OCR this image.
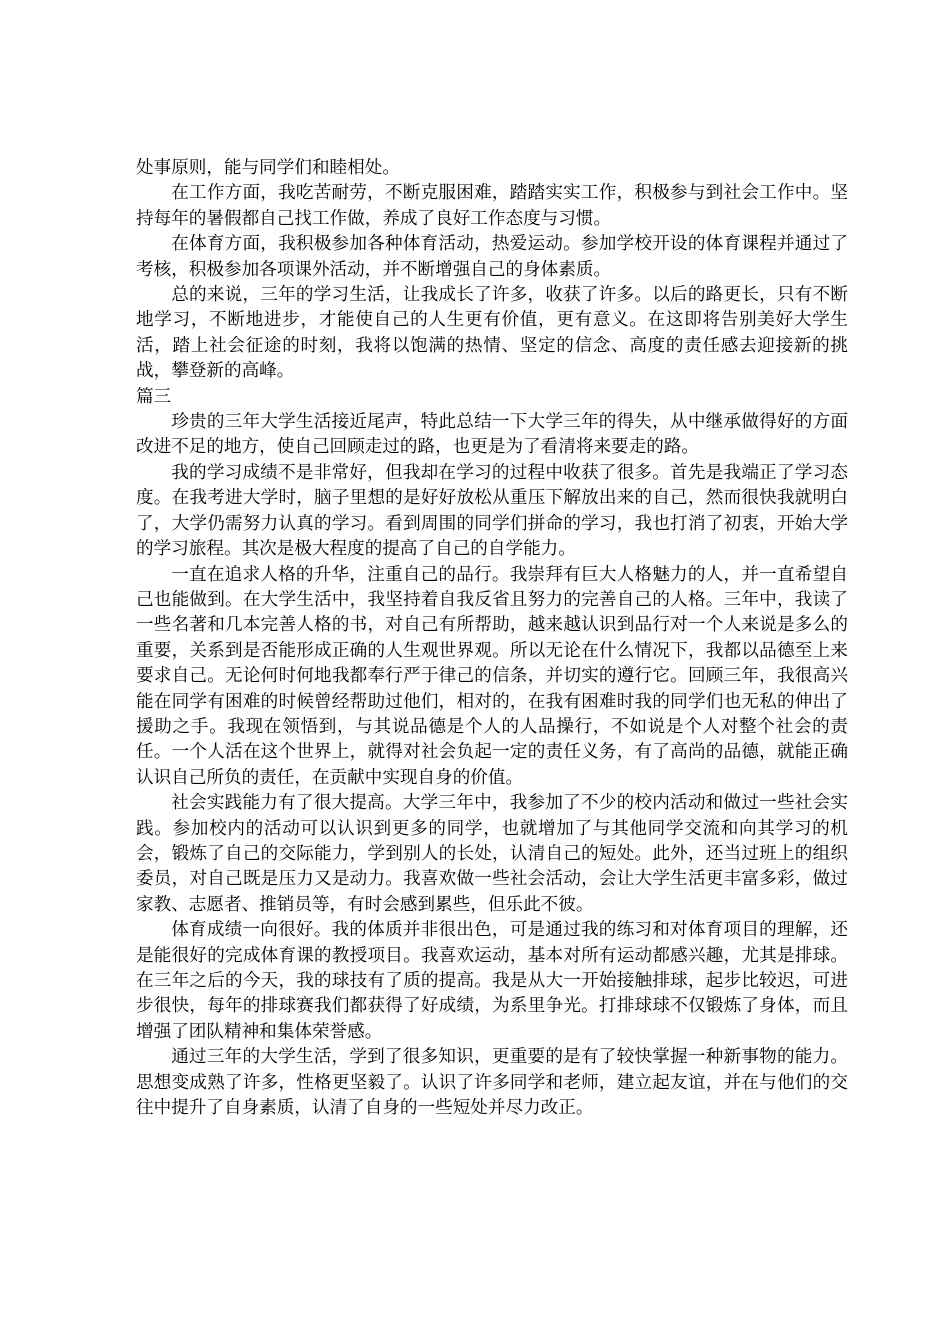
处事原则，能与同学们和睦相处。

在工作方面，我吃苦耐劳，不断克服困难，踏踏实实工作，积极参与到社会工作中。坚持每年的暑假都自己找工作做，养成了良好工作态度与习惯。

在体育方面，我积极参加各种体育活动，热爱运动。参加学校开设的体育课程并通过了考核，积极参加各项课外活动，并不断增强自己的身体素质。

总的来说，三年的学习生活，让我成长了许多，收获了许多。以后的路更长，只有不断地学习，不断地进步，才能使自己的人生更有价值，更有意义。在这即将告别美好大学生活，踏上社会征途的时刻，我将以饱满的热情、坚定的信念、高度的责任感去迎接新的挑战，攀登新的高峰。

篇三

珍贵的三年大学生活接近尾声，特此总结一下大学三年的得失，从中继承做得好的方面改进不足的地方，使自己回顾走过的路，也更是为了看清将来要走的路。

我的学习成绩不是非常好，但我却在学习的过程中收获了很多。首先是我端正了学习态度。在我考进大学时，脑子里想的是好好放松从重压下解放出来的自己，然而很快我就明白了，大学仍需努力认真的学习。看到周围的同学们拼命的学习，我也打消了初衷，开始大学的学习旅程。其次是极大程度的提高了自己的自学能力。

一直在追求人格的升华，注重自己的品行。我崇拜有巨大人格魅力的人，并一直希望自己也能做到。在大学生活中，我坚持着自我反省且努力的完善自己的人格。三年中，我读了一些名著和几本完善人格的书，对自己有所帮助，越来越认识到品行对一个人来说是多么的重要，关系到是否能形成正确的人生观世界观。所以无论在什么情况下，我都以品德至上来要求自己。无论何时何地我都奉行严于律己的信条，并切实的遵行它。回顾三年，我很高兴能在同学有困难的时候曾经帮助过他们，相对的，在我有困难时我的同学们也无私的伸出了援助之手。我现在领悟到，与其说品德是个人的人品操行，不如说是个人对整个社会的责任。一个人活在这个世界上，就得对社会负起一定的责任义务，有了高尚的品德，就能正确认识自己所负的责任，在贡献中实现自身的价值。

社会实践能力有了很大提高。大学三年中，我参加了不少的校内活动和做过一些社会实践。参加校内的活动可以认识到更多的同学，也就增加了与其他同学交流和向其学习的机会，锻炼了自己的交际能力，学到别人的长处，认清自己的短处。此外，还当过班上的组织委员，对自己既是压力又是动力。我喜欢做一些社会活动，会让大学生活更丰富多彩，做过家教、志愿者、推销员等，有时会感到累些，但乐此不彼。

体育成绩一向很好。我的体质并非很出色，可是通过我的练习和对体育项目的理解，还是能很好的完成体育课的教授项目。我喜欢运动，基本对所有运动都感兴趣，尤其是排球。在三年之后的今天，我的球技有了质的提高。我是从大一开始接触排球，起步比较迟，可进步很快，每年的排球赛我们都获得了好成绩，为系里争光。打排球球不仅锻炼了身体，而且增强了团队精神和集体荣誉感。

通过三年的大学生活，学到了很多知识，更重要的是有了较快掌握一种新事物的能力。思想变成熟了许多，性格更坚毅了。认识了许多同学和老师，建立起友谊，并在与他们的交往中提升了自身素质，认清了自身的一些短处并尽力改正。
